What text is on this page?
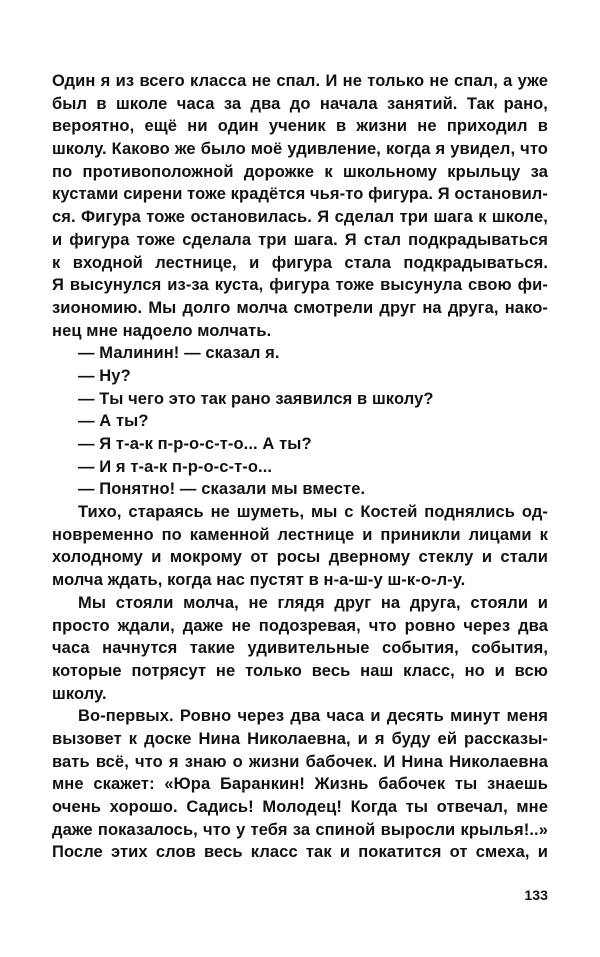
Один я из всего класса не спал. И не только не спал, а уже
был в школе часа за два до начала занятий. Так рано,
вероятно, ещё ни один ученик в жизни не приходил в
школу. Каково же было моё удивление, когда я увидел, что
по противоположной дорожке к школьному крыльцу за
кустами сирени тоже крадётся чья-то фигура. Я остановил-
ся. Фигура тоже остановилась. Я сделал три шага к школе,
и фигура тоже сделала три шага. Я стал подкрадываться
к входной лестнице, и фигура стала подкрадываться.
Я высунулся из-за куста, фигура тоже высунула свою фи-
зиономию. Мы долго молча смотрели друг на друга, нако-
нец мне надоело молчать.
— Малинин! — сказал я.
— Ну?
— Ты чего это так рано заявился в школу?
— А ты?
— Я т-а-к п-р-о-с-т-о... А ты?
— И я т-а-к п-р-о-с-т-о...
— Понятно! — сказали мы вместе.
Тихо, стараясь не шуметь, мы с Костей поднялись од-
новременно по каменной лестнице и приникли лицами к
холодному и мокрому от росы дверному стеклу и стали
молча ждать, когда нас пустят в н-а-ш-у ш-к-о-л-у.
Мы стояли молча, не глядя друг на друга, стояли и
просто ждали, даже не подозревая, что ровно через два
часа начнутся такие удивительные события, события,
которые потрясут не только весь наш класс, но и всю
школу.
Во-первых. Ровно через два часа и десять минут меня
вызовет к доске Нина Николаевна, и я буду ей рассказы-
вать всё, что я знаю о жизни бабочек. И Нина Николаевна
мне скажет: «Юра Баранкин! Жизнь бабочек ты знаешь
очень хорошо. Садись! Молодец! Когда ты отвечал, мне
даже показалось, что у тебя за спиной выросли крылья!..»
После этих слов весь класс так и покатится от смеха, и
133
